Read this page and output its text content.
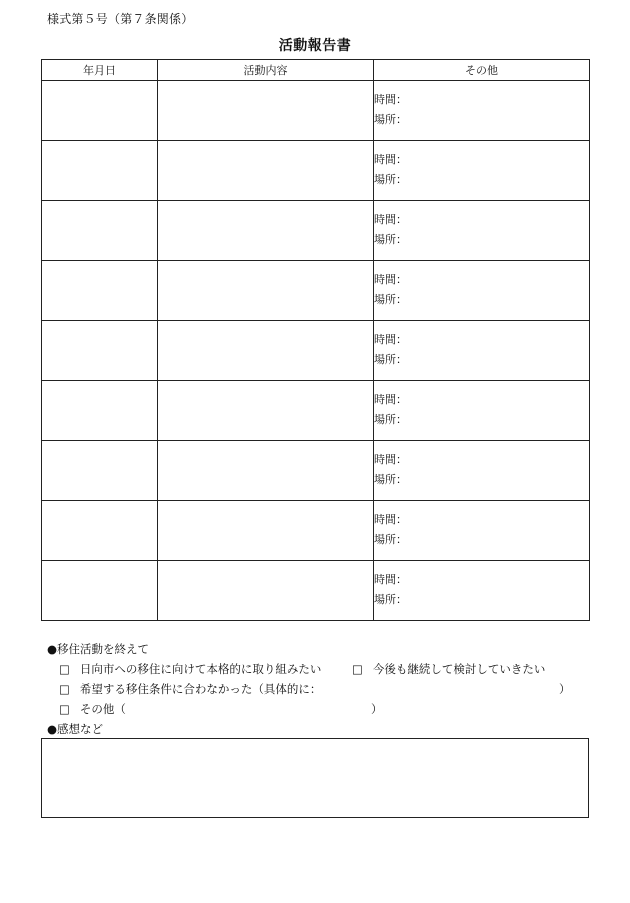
様式第５号（第７条関係）
活動報告書
年月日	活動内容	その他

		時間：
場所：

		時間：
場所：

		時間：
場所：

		時間：
場所：

		時間：
場所：

		時間：
場所：

		時間：
場所：

		時間：
場所：

		時間：
場所：
●移住活動を終えて
□ 日向市への移住に向けて本格的に取り組みたい	□ 今後も継続して検討していきたい
□ 希望する移住条件に合わなかった（具体的に：	）
□ その他（	）
●感想など
